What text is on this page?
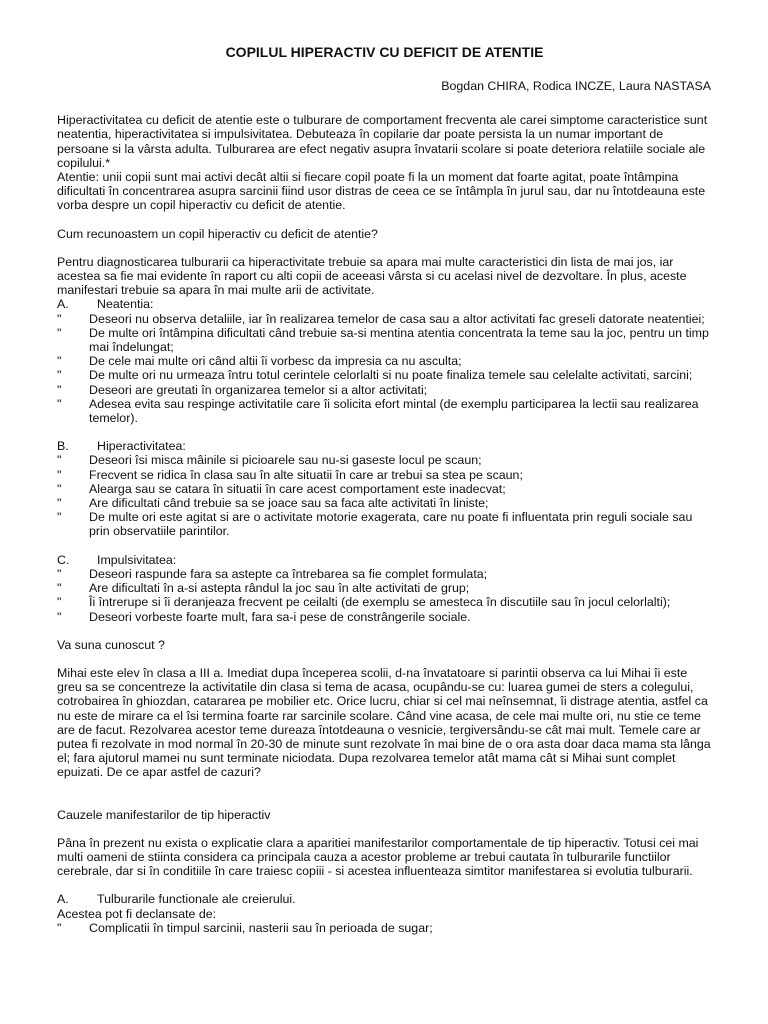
COPILUL HIPERACTIV CU DEFICIT DE ATENTIE

Bogdan CHIRA, Rodica INCZE, Laura NASTASA

Hiperactivitatea cu deficit de atentie este o tulburare de comportament frecventa ale carei simptome caracteristice sunt neatentia, hiperactivitatea si impulsivitatea. Debuteaza în copilarie dar poate persista la un numar important de persoane si la vârsta adulta. Tulburarea are efect negativ asupra învatarii scolare si poate deteriora relatiile sociale ale copilului.*

Atentie: unii copii sunt mai activi decât altii si fiecare copil poate fi la un moment dat foarte agitat, poate întâmpina dificultati în concentrarea asupra sarcinii fiind usor distras de ceea ce se întâmpla în jurul sau, dar nu întotdeauna este vorba despre un copil hiperactiv cu deficit de atentie.

Cum recunoastem un copil hiperactiv cu deficit de atentie?

Pentru diagnosticarea tulburarii ca hiperactivitate trebuie sa apara mai multe caracteristici din lista de mai jos, iar acestea sa fie mai evidente în raport cu alti copii de aceeasi vârsta si cu acelasi nivel de dezvoltare. În plus, aceste manifestari trebuie sa apara în mai multe arii de activitate.

A.	Neatentia:
"	Deseori nu observa detaliile, iar în realizarea temelor de casa sau a altor activitati fac greseli datorate neatentiei;
"	De multe ori întâmpina dificultati când trebuie sa-si mentina atentia concentrata la teme sau la joc, pentru un timp mai îndelungat;
"	De cele mai multe ori când altii îi vorbesc da impresia ca nu asculta;
"	De multe ori nu urmeaza întru totul cerintele celorlalti si nu poate finaliza temele sau celelalte activitati, sarcini;
"	Deseori are greutati în organizarea temelor si a altor activitati;
"	Adesea evita sau respinge activitatile care îi solicita efort mintal (de exemplu participarea la lectii sau realizarea temelor).
B.	Hiperactivitatea:
"	Deseori îsi misca mâinile si picioarele sau nu-si gaseste locul pe scaun;
"	Frecvent se ridica în clasa sau în alte situatii în care ar trebui sa stea pe scaun;
"	Alearga sau se catara în situatii în care acest comportament este inadecvat;
"	Are dificultati când trebuie sa se joace sau sa faca alte activitati în liniste;
"	De multe ori este agitat si are o activitate motorie exagerata, care nu poate fi influentata prin reguli sociale sau prin observatiile parintilor.
C.	Impulsivitatea:
"	Deseori raspunde fara sa astepte ca întrebarea sa fie complet formulata;
"	Are dificultati în a-si astepta rândul la joc sau în alte activitati de grup;
"	Îi întrerupe si îi deranjeaza frecvent pe ceilalti (de exemplu se amesteca în discutiile sau în jocul celorlalti);
"	Deseori vorbeste foarte mult, fara sa-i pese de constrângerile sociale.

Va suna cunoscut ?

Mihai este elev în clasa a III a. Imediat dupa începerea scolii, d-na învatatoare si parintii observa ca lui Mihai îi este greu sa se concentreze la activitatile din clasa si tema de acasa, ocupându-se cu: luarea gumei de sters a colegului, cotrobairea în ghiozdan, catararea pe mobilier etc. Orice lucru, chiar si cel mai neînsemnat, îi distrage atentia, astfel ca nu este de mirare ca el îsi termina foarte rar sarcinile scolare. Când vine acasa, de cele mai multe ori, nu stie ce teme are de facut. Rezolvarea acestor teme dureaza întotdeauna o vesnicie, tergiversându-se cât mai mult. Temele care ar putea fi rezolvate in mod normal în 20-30 de minute sunt rezolvate în mai bine de o ora asta doar daca mama sta lânga el; fara ajutorul mamei nu sunt terminate niciodata. Dupa rezolvarea temelor atât mama cât si Mihai sunt complet epuizati. De ce apar astfel de cazuri?

Cauzele manifestarilor de tip hiperactiv

Pâna în prezent nu exista o explicatie clara a aparitiei manifestarilor comportamentale de tip hiperactiv. Totusi cei mai multi oameni de stiinta considera ca principala cauza a acestor probleme ar trebui cautata în tulburarile functiilor cerebrale, dar si în conditiile în care traiesc copiii - si acestea influenteaza simtitor manifestarea si evolutia tulburarii.

A.	Tulburarile functionale ale creierului.

Acestea pot fi declansate de:

"	Complicatii în timpul sarcinii, nasterii sau în perioada de sugar;
